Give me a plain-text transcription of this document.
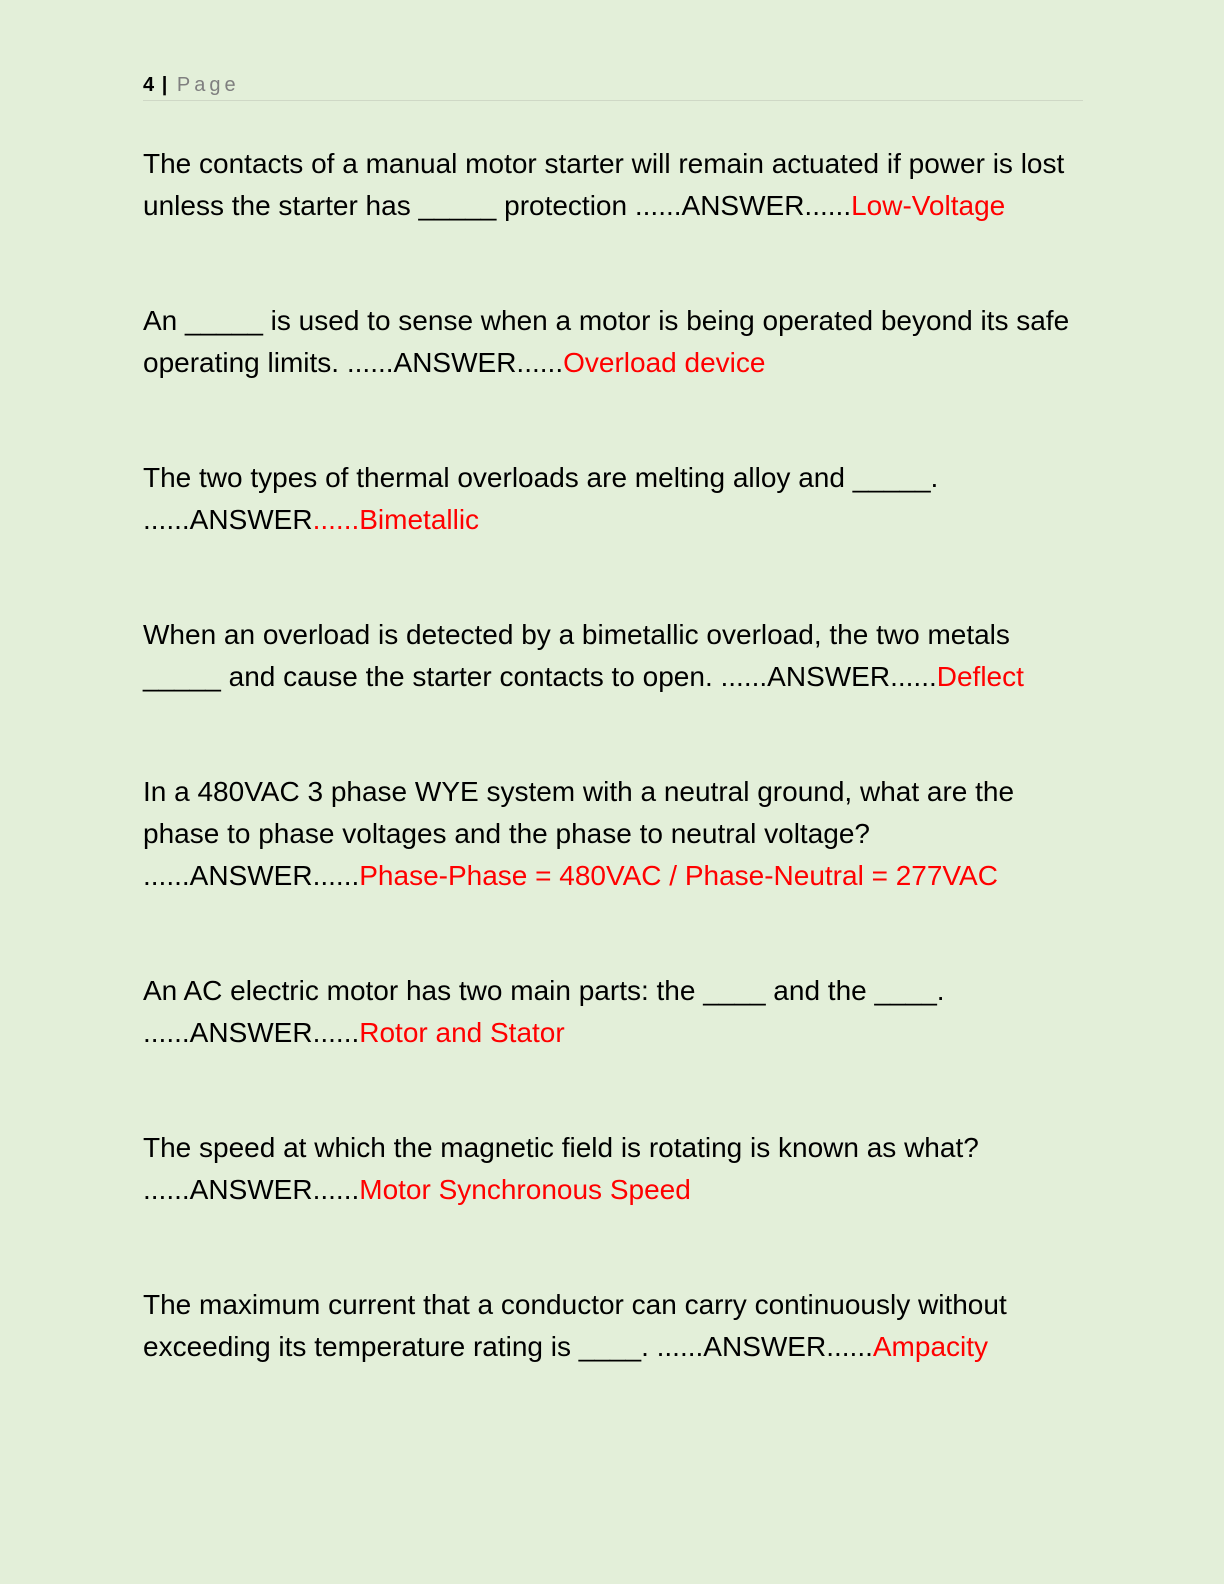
4 | Page

The contacts of a manual motor starter will remain actuated if power is lost unless the starter has _____ protection ......ANSWER......Low-Voltage

An _____ is used to sense when a motor is being operated beyond its safe operating limits. ......ANSWER......Overload device

The two types of thermal overloads are melting alloy and _____. ......ANSWER......Bimetallic

When an overload is detected by a bimetallic overload, the two metals _____ and cause the starter contacts to open. ......ANSWER......Deflect

In a 480VAC 3 phase WYE system with a neutral ground, what are the phase to phase voltages and the phase to neutral voltage? ......ANSWER......Phase-Phase = 480VAC / Phase-Neutral = 277VAC

An AC electric motor has two main parts: the ____ and the ____. ......ANSWER......Rotor and Stator

The speed at which the magnetic field is rotating is known as what? ......ANSWER......Motor Synchronous Speed

The maximum current that a conductor can carry continuously without exceeding its temperature rating is ____. ......ANSWER......Ampacity
